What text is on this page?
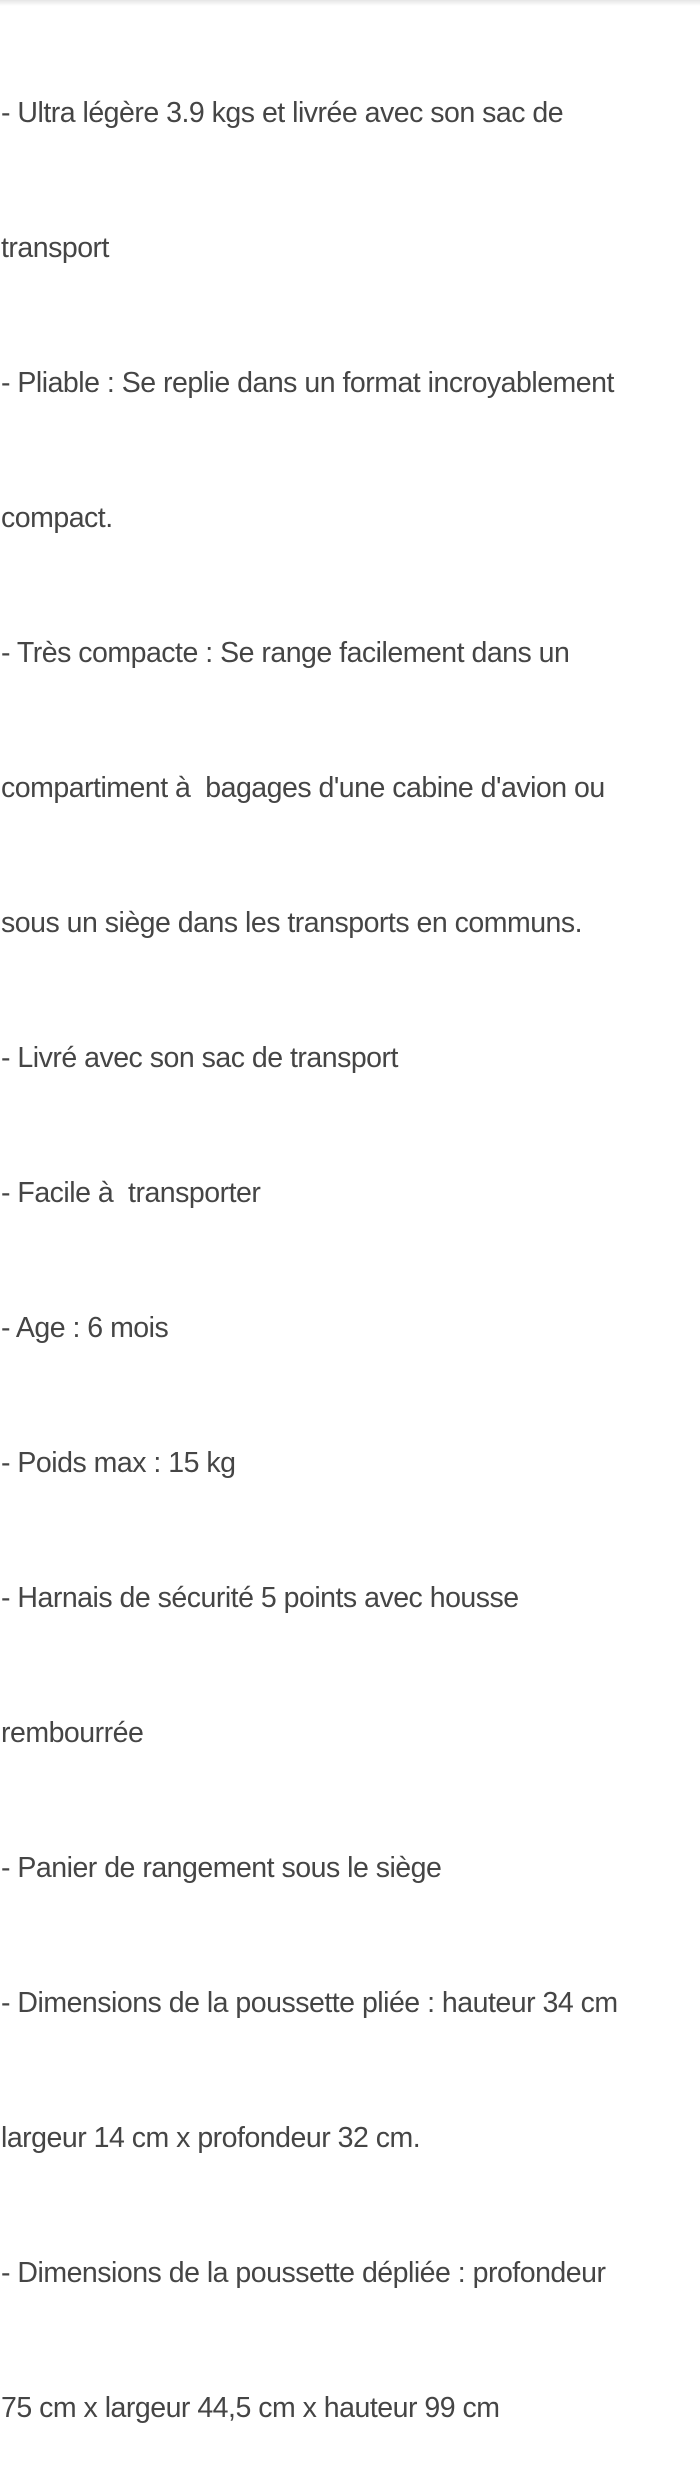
- Ultra légère 3.9 kgs et livrée avec son sac de

transport

- Pliable : Se replie dans un format incroyablement

compact.

- Très compacte : Se range facilement dans un

compartiment à  bagages d'une cabine d'avion ou

sous un siège dans les transports en communs.

- Livré avec son sac de transport

- Facile à  transporter

- Age : 6 mois

- Poids max : 15 kg

- Harnais de sécurité 5 points avec housse

rembourrée

- Panier de rangement sous le siège

- Dimensions de la poussette pliée : hauteur 34 cm

largeur 14 cm x profondeur 32 cm.

- Dimensions de la poussette dépliée : profondeur

75 cm x largeur 44,5 cm x hauteur 99 cm
